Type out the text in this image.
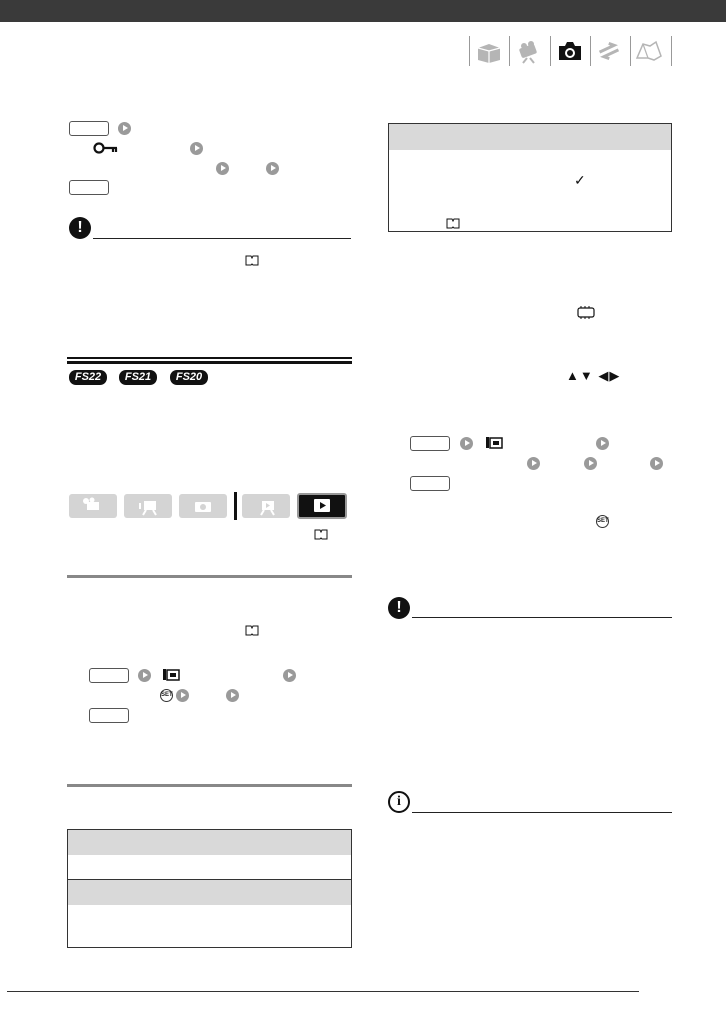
!
FS22	FS21	FS20
SET
✓
▲▼ ◀▶
SET
!
i
